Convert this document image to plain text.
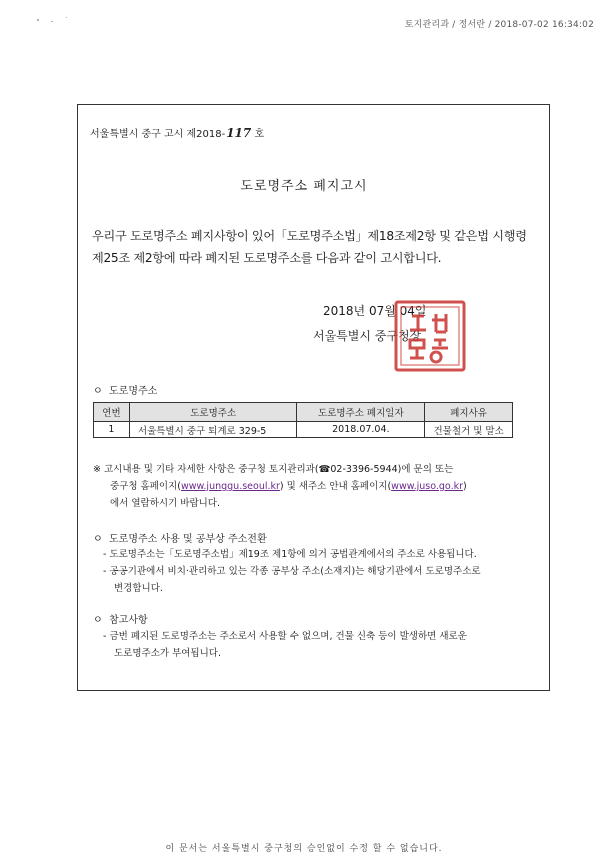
토지관리과 / 정서란 / 2018-07-02 16:34:02
서울특별시 중구 고시 제2018-117 호
도로명주소 폐지고시

우리구 도로명주소 폐지사항이 있어「도로명주소법」제18조제2항 및 같은법 시행령

제25조 제2항에 따라 폐지된 도로명주소를 다음과 같이 고시합니다.

2018년 07월 04일
서울특별시 중구청장
ㅇ 도로명주소
연번	도로명주소	도로명주소 폐지일자	폐지사유
1	서울특별시 중구 퇴계로 329-5	2018.07.04.	건물철거 및 말소
※ 고시내용 및 기타 자세한 사항은 중구청 토지관리과(☎02-3396-5944)에 문의 또는
중구청 홈페이지(www.junggu.seoul.kr) 및 새주소 안내 홈페이지(www.juso.go.kr)
에서 열람하시기 바랍니다.
ㅇ 도로명주소 사용 및 공부상 주소전환
- 도로명주소는「도로명주소법」제19조 제1항에 의거 공법관계에서의 주소로 사용됩니다.
- 공공기관에서 비치·관리하고 있는 각종 공부상 주소(소재지)는 해당기관에서 도로명주소로
변경합니다.
ㅇ 참고사항
- 금번 폐지된 도로명주소는 주소로서 사용할 수 없으며, 건물 신축 등이 발생하면 새로운
도로명주소가 부여됩니다.
이 문서는 서울특별시 중구청의 승인없이 수정 할 수 없습니다.
